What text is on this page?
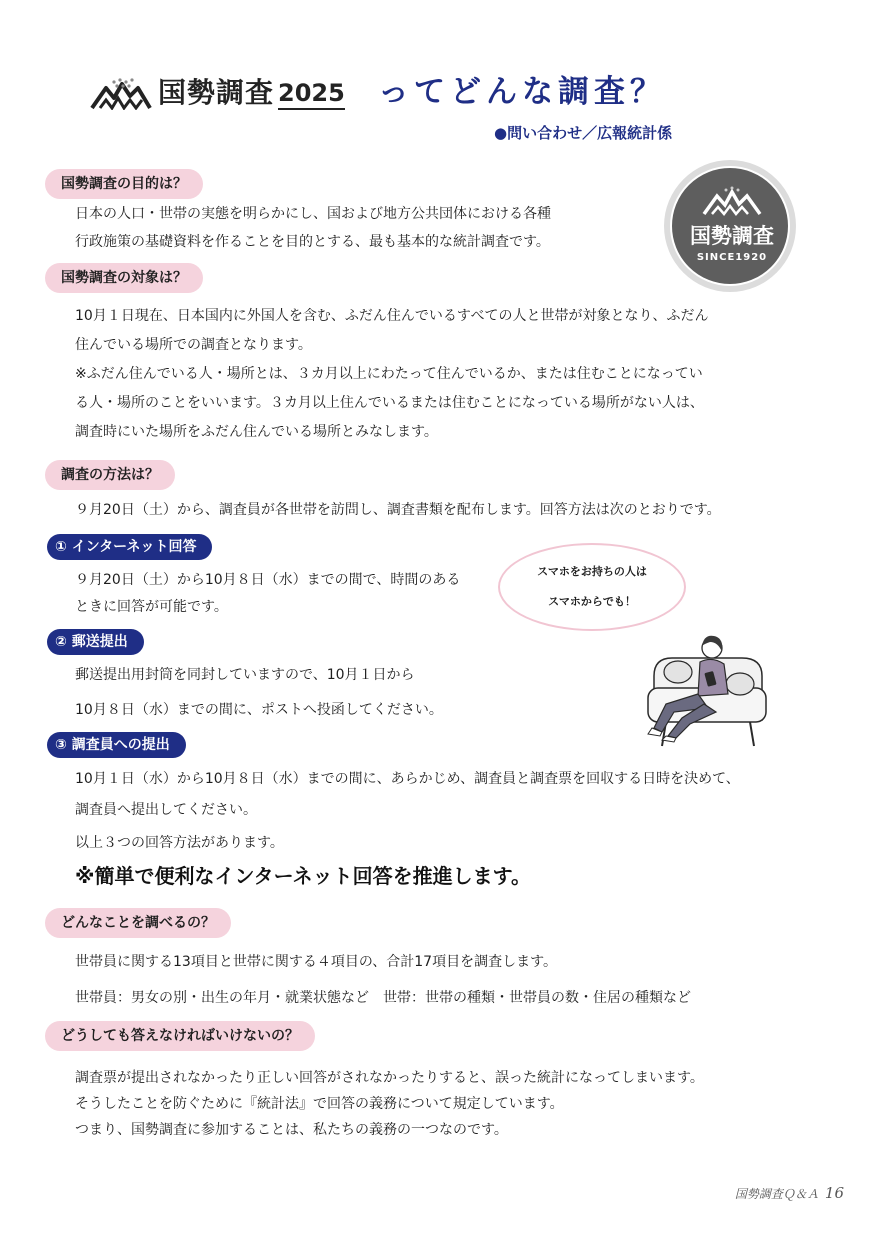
国勢調査 2025 ってどんな調査？
●問い合わせ／広報統計係
国勢調査
SINCE1920
国勢調査の目的は？
日本の人口・世帯の実態を明らかにし、国および地方公共団体における各種
行政施策の基礎資料を作ることを目的とする、最も基本的な統計調査です。
国勢調査の対象は？
10月１日現在、日本国内に外国人を含む、ふだん住んでいるすべての人と世帯が対象となり、ふだん
住んでいる場所での調査となります。
※ふだん住んでいる人・場所とは、３カ月以上にわたって住んでいるか、または住むことになってい
る人・場所のことをいいます。３カ月以上住んでいるまたは住むことになっている場所がない人は、
調査時にいた場所をふだん住んでいる場所とみなします。
調査の方法は？
９月20日（土）から、調査員が各世帯を訪問し、調査書類を配布します。回答方法は次のとおりです。
① インターネット回答
９月20日（土）から10月８日（水）までの間で、時間のある
ときに回答が可能です。
スマホをお持ちの人は
スマホからでも！
② 郵送提出
郵送提出用封筒を同封していますので、10月１日から
10月８日（水）までの間に、ポストへ投函してください。
③ 調査員への提出
10月１日（水）から10月８日（水）までの間に、あらかじめ、調査員と調査票を回収する日時を決めて、
調査員へ提出してください。
以上３つの回答方法があります。
※簡単で便利なインターネット回答を推進します。
どんなことを調べるの？
世帯員に関する13項目と世帯に関する４項目の、合計17項目を調査します。
世帯員：男女の別・出生の年月・就業状態など　世帯：世帯の種類・世帯員の数・住居の種類など
どうしても答えなければいけないの？
調査票が提出されなかったり正しい回答がされなかったりすると、誤った統計になってしまいます。
そうしたことを防ぐために『統計法』で回答の義務について規定しています。
つまり、国勢調査に参加することは、私たちの義務の一つなのです。
国勢調査Ｑ＆Ａ 16
